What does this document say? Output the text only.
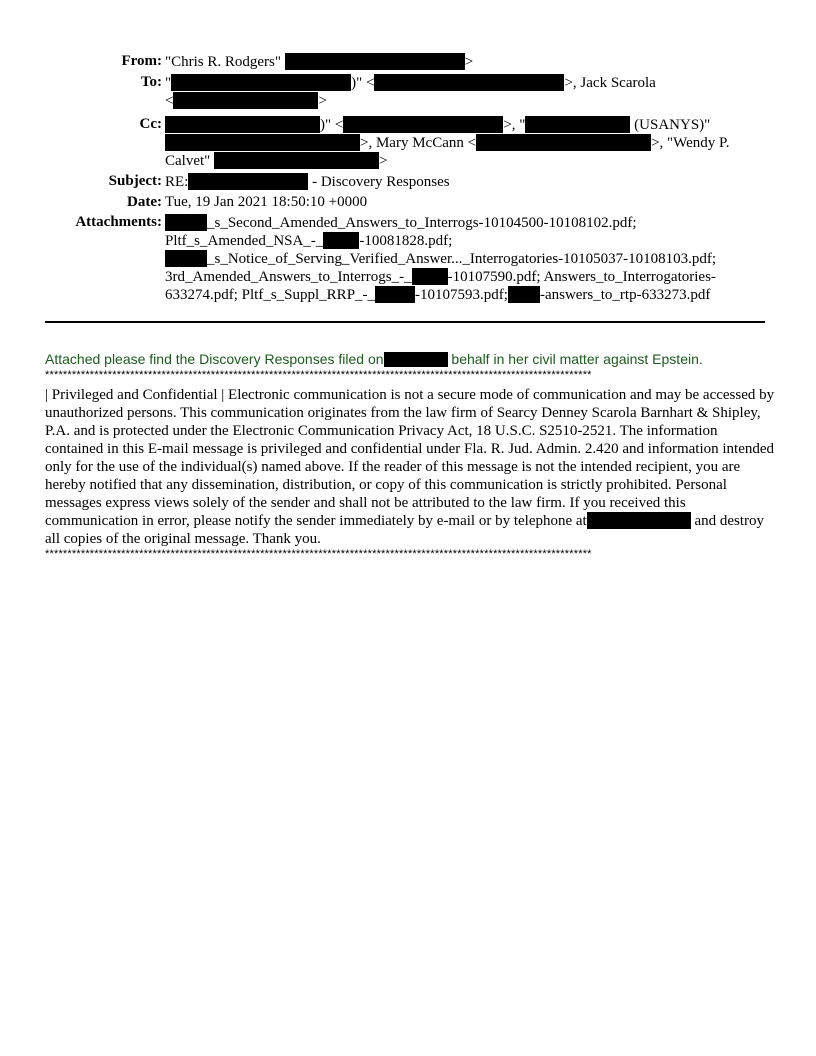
From: "Chris R. Rodgers"	>
To: "	)" <	>, Jack Scarola
<	>
Cc:	)" <	>, "	(USANYS)"
>, Mary McCann <	>, "Wendy P.
Calvet"	>
Subject: RE:	- Discovery Responses
Date: Tue, 19 Jan 2021 18:50:10 +0000
Attachments:	_s_Second_Amended_Answers_to_Interrogs-10104500-10108102.pdf;
Pltf_s_Amended_NSA_-_ -10081828.pdf;
_s_Notice_of_Serving_Verified_Answer..._Interrogatories-10105037-10108103.pdf;
3rd_Amended_Answers_to_Interrogs_-_ -10107590.pdf; Answers_to_Interrogatories-
633274.pdf; Pltf_s_Suppl_RRP_-_	-10107593.pdf; -answers_to_rtp-633273.pdf
Attached please find the Discovery Responses filed on	behalf in her civil matter against Epstein.
**************************************************************************************************************************
| Privileged and Confidential | Electronic communication is not a secure mode of communication and may be accessed by unauthorized persons. This communication originates from the law firm of Searcy Denney Scarola Barnhart & Shipley, P.A. and is protected under the Electronic Communication Privacy Act, 18 U.S.C. S2510-2521. The information contained in this E-mail message is privileged and confidential under Fla. R. Jud. Admin. 2.420 and information intended only for the use of the individual(s) named above. If the reader of this message is not the intended recipient, you are hereby notified that any dissemination, distribution, or copy of this communication is strictly prohibited. Personal messages express views solely of the sender and shall not be attributed to the law firm. If you received this communication in error, please notify the sender immediately by e-mail or by telephone at	and destroy all copies of the original message. Thank you.
**************************************************************************************************************************
